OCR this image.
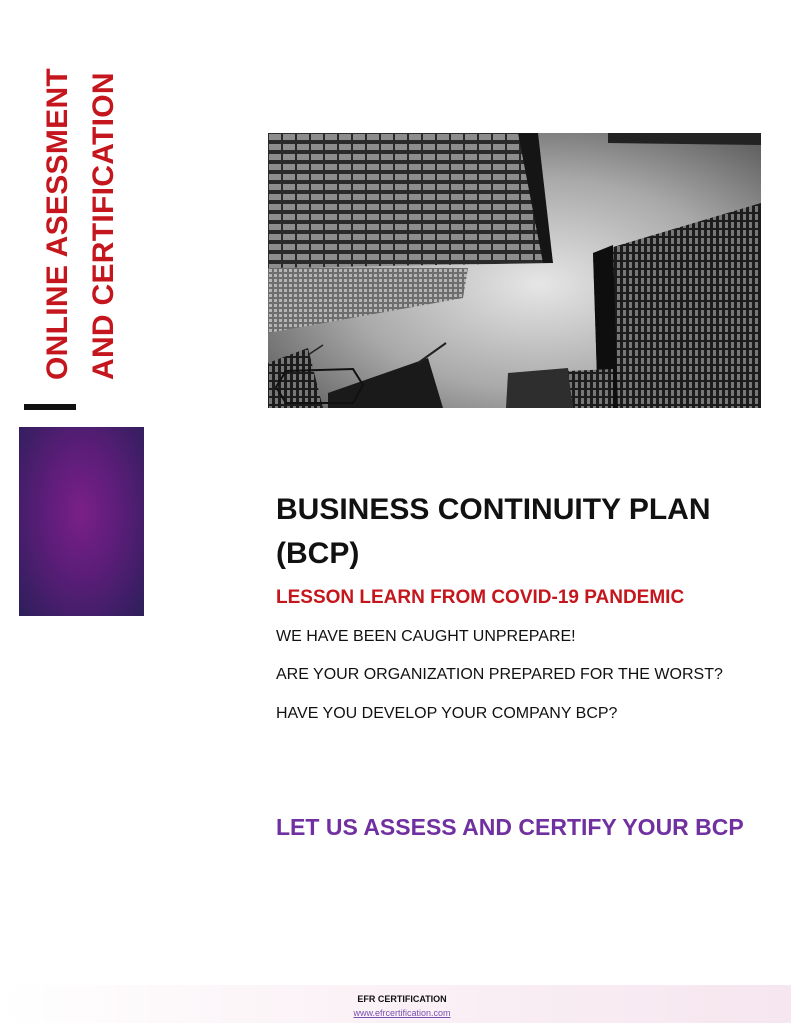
ONLINE ASESSMENT AND CERTIFICATION
BUSINESS CONTINUITY PLAN (BCP)
LESSON LEARN FROM COVID-19 PANDEMIC
WE HAVE BEEN CAUGHT UNPREPARE!
ARE YOUR ORGANIZATION PREPARED FOR THE WORST?
HAVE YOU DEVELOP YOUR COMPANY BCP?
LET US ASSESS AND CERTIFY YOUR BCP
EFR CERTIFICATION
www.efrcertification.com
